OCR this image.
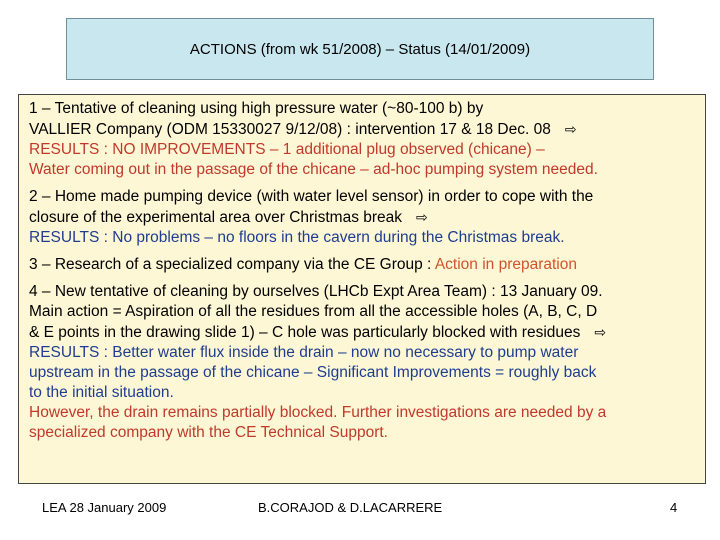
ACTIONS (from wk 51/2008) – Status (14/01/2009)

1 – Tentative of cleaning using high pressure water (~80-100 b) by
VALLIER Company (ODM 15330027 9/12/08) : intervention 17 & 18 Dec. 08 ⇨
RESULTS : NO IMPROVEMENTS – 1 additional plug observed (chicane) –
Water coming out in the passage of the chicane – ad-hoc pumping system needed.

2 – Home made pumping device (with water level sensor) in order to cope with the
closure of the experimental area over Christmas break ⇨
RESULTS : No problems – no floors in the cavern during the Christmas break.

3 – Research of a specialized company via the CE Group : Action in preparation

4 – New tentative of cleaning by ourselves (LHCb Expt Area Team) : 13 January 09.
Main action = Aspiration of all the residues from all the accessible holes (A, B, C, D
& E points in the drawing slide 1) – C hole was particularly blocked with residues ⇨
RESULTS : Better water flux inside the drain – now no necessary to pump water
upstream in the passage of the chicane – Significant Improvements = roughly back
to the initial situation.
However, the drain remains partially blocked. Further investigations are needed by a
specialized company with the CE Technical Support.

LEA 28 January 2009	B.CORAJOD & D.LACARRERE	4
